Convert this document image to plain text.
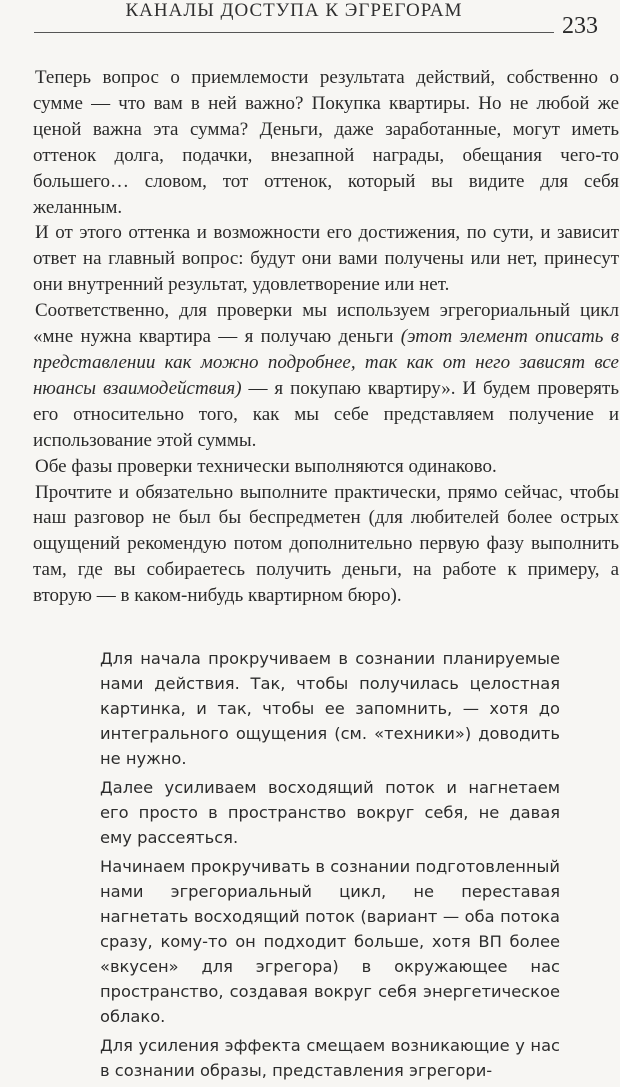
КАНАЛЫ ДОСТУПА К ЭГРЕГОРАМ
233

Теперь вопрос о приемлемости результата действий, собственно о сумме — что вам в ней важно? Покупка квартиры. Но не любой же ценой важна эта сумма? Деньги, даже заработанные, могут иметь оттенок долга, подачки, внезапной награды, обещания чего-то большего… словом, тот оттенок, который вы видите для себя желанным.

И от этого оттенка и возможности его достижения, по сути, и зависит ответ на главный вопрос: будут они вами получены или нет, принесут они внутренний результат, удовлетворение или нет.

Соответственно, для проверки мы используем эгрегориальный цикл «мне нужна квартира — я получаю деньги (этот элемент описать в представлении как можно подробнее, так как от него зависят все нюансы взаимодействия) — я покупаю квартиру». И будем проверять его относительно того, как мы себе представляем получение и использование этой суммы.

Обе фазы проверки технически выполняются одинаково.

Прочтите и обязательно выполните практически, прямо сейчас, чтобы наш разговор не был бы беспредметен (для любителей более острых ощущений рекомендую потом дополнительно первую фазу выполнить там, где вы собираетесь получить деньги, на работе к примеру, а вторую — в каком-нибудь квартирном бюро).

Для начала прокручиваем в сознании планируемые нами действия. Так, чтобы получилась целостная картинка, и так, чтобы ее запомнить, — хотя до интегрального ощущения (см. «техники») доводить не нужно.

Далее усиливаем восходящий поток и нагнетаем его просто в пространство вокруг себя, не давая ему рассеяться.

Начинаем прокручивать в сознании подготовленный нами эгрегориальный цикл, не переставая нагнетать восходящий поток (вариант — оба потока сразу, кому-то он подходит больше, хотя ВП более «вкусен» для эгрегора) в окружающее нас пространство, создавая вокруг себя энергетическое облако.

Для усиления эффекта смещаем возникающие у нас в сознании образы, представления эгрегори-
